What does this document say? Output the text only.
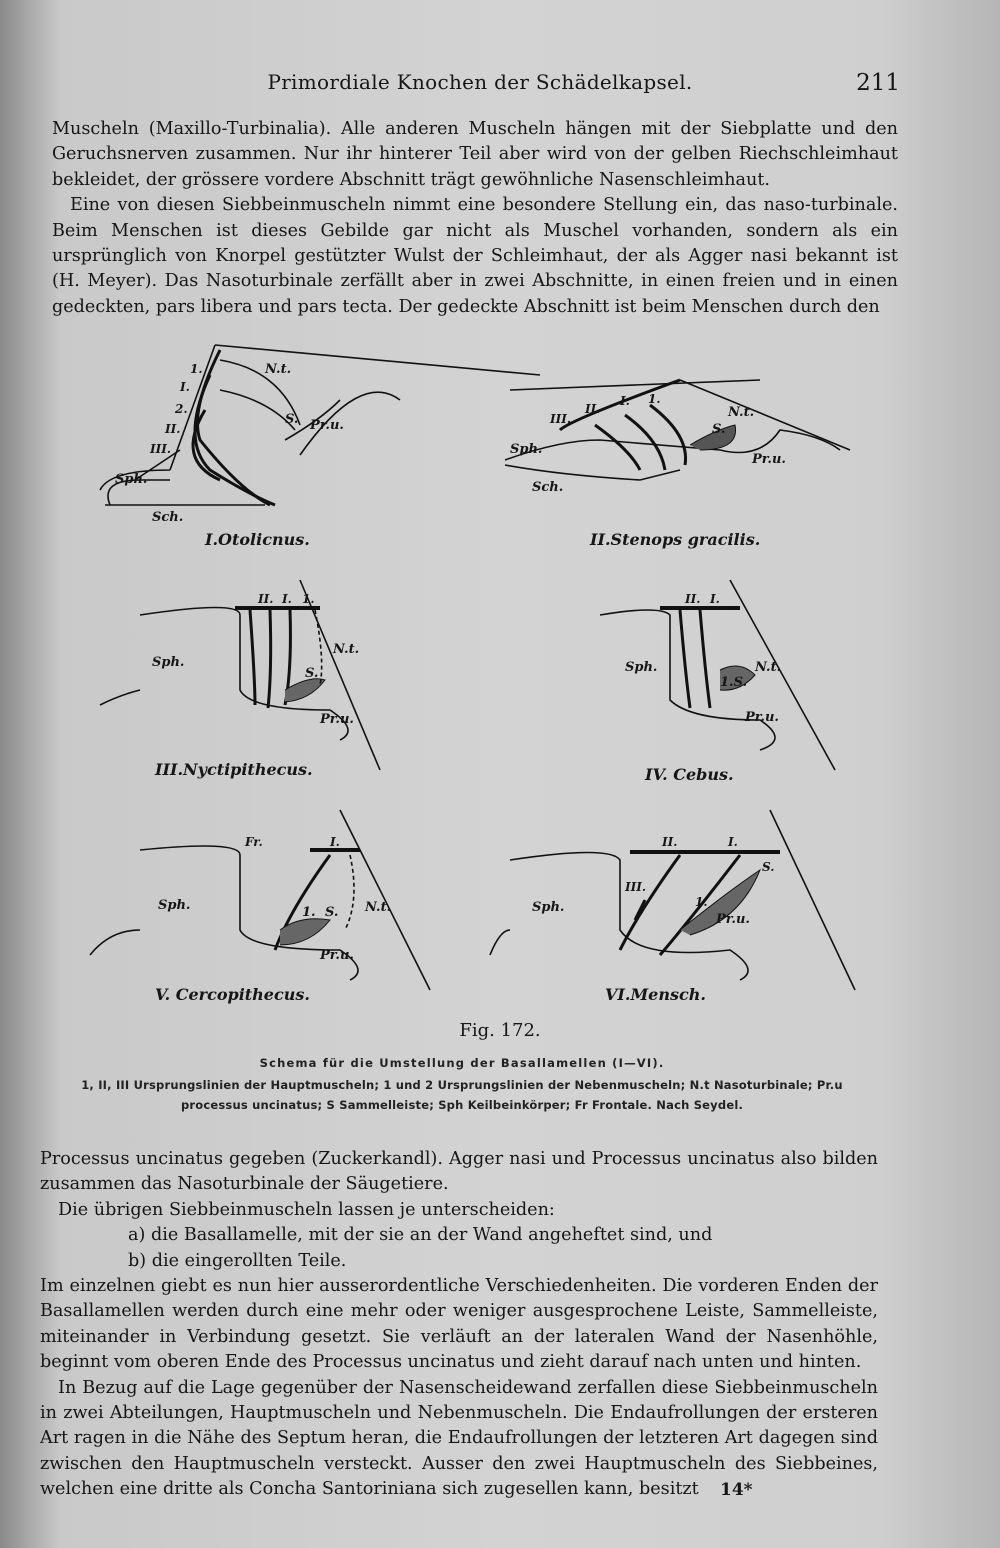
Primordiale Knochen der Schädelkapsel.	211

Muscheln (Maxillo-Turbinalia). Alle anderen Muscheln hängen mit der Siebplatte und den Geruchsnerven zusammen. Nur ihr hinterer Teil aber wird von der gelben Riechschleimhaut bekleidet, der grössere vordere Abschnitt trägt gewöhnliche Nasenschleimhaut.

Eine von diesen Siebbeinmuscheln nimmt eine besondere Stellung ein, das naso-turbinale. Beim Menschen ist dieses Gebilde gar nicht als Muschel vorhanden, sondern als ein ursprünglich von Knorpel gestützter Wulst der Schleimhaut, der als Agger nasi bekannt ist (H. Meyer). Das Nasoturbinale zerfällt aber in zwei Abschnitte, in einen freien und in einen gedeckten, pars libera und pars tecta. Der gedeckte Abschnitt ist beim Menschen durch den

I.Otolicnus.	II.Stenops gracilis.
III.Nyctipithecus.	IV. Cebus.
V. Cercopithecus.	VI.Mensch.
1.
I.
2.
II.
III.
N.t.
S. Pr.u.
Sph.
Sch.
III.
II.
I. 1.
N.t.
S.
Sph.
Sch.
Pr.u.
II. I. 1.
Sph.
S.
N.t.
Pr.u.
II. I.
Sph.
1.S.
N.t.
Pr.u.
Fr.	I.
Sph.	1. S. N.t.
Pr.u.
II.	I.
S.
III.
Sph.	1.
Pr.u.
Fig. 172.
Schema für die Umstellung der Basallamellen (I—VI).
1, II, III Ursprungslinien der Hauptmuscheln; 1 und 2 Ursprungslinien der Nebenmuscheln; N.t Nasoturbinale; Pr.u
processus uncinatus; S Sammelleiste; Sph Keilbeinkörper; Fr Frontale. Nach Seydel.

Processus uncinatus gegeben (Zuckerkandl). Agger nasi und Processus uncinatus also bilden zusammen das Nasoturbinale der Säugetiere.

Die übrigen Siebbeinmuscheln lassen je unterscheiden:

a) die Basallamelle, mit der sie an der Wand angeheftet sind, und

b) die eingerollten Teile.

Im einzelnen giebt es nun hier ausserordentliche Verschiedenheiten. Die vorderen Enden der Basallamellen werden durch eine mehr oder weniger ausgesprochene Leiste, Sammelleiste, miteinander in Verbindung gesetzt. Sie verläuft an der lateralen Wand der Nasenhöhle, beginnt vom oberen Ende des Processus uncinatus und zieht darauf nach unten und hinten.

In Bezug auf die Lage gegenüber der Nasenscheidewand zerfallen diese Siebbeinmuscheln in zwei Abteilungen, Hauptmuscheln und Nebenmuscheln. Die Endaufrollungen der ersteren Art ragen in die Nähe des Septum heran, die Endaufrollungen der letzteren Art dagegen sind zwischen den Hauptmuscheln versteckt. Ausser den zwei Hauptmuscheln des Siebbeines, welchen eine dritte als Concha Santoriniana sich zugesellen kann, besitzt	14*
